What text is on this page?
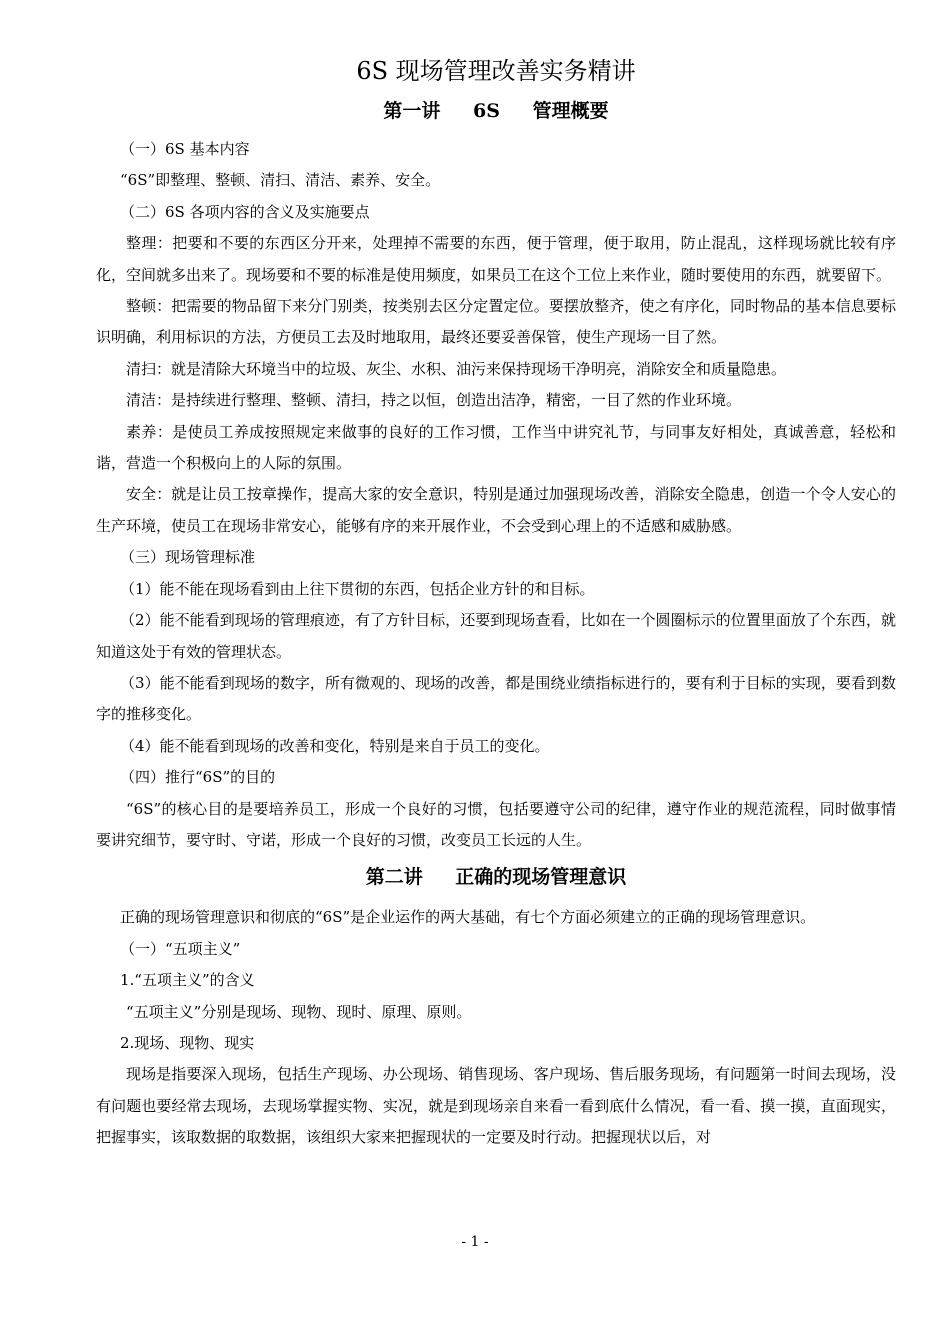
6S 现场管理改善实务精讲
第一讲 6S 管理概要

（一）6S 基本内容

“6S”即整理、整顿、清扫、清洁、素养、安全。

（二）6S 各项内容的含义及实施要点

整理：把要和不要的东西区分开来，处理掉不需要的东西，便于管理，便于取用，防止混乱，这样现场就比较有序化，空间就多出来了。现场要和不要的标准是使用频度，如果员工在这个工位上来作业，随时要使用的东西，就要留下。

整顿：把需要的物品留下来分门别类，按类别去区分定置定位。要摆放整齐，使之有序化，同时物品的基本信息要标识明确，利用标识的方法，方便员工去及时地取用，最终还要妥善保管，使生产现场一目了然。

清扫：就是清除大环境当中的垃圾、灰尘、水积、油污来保持现场干净明亮，消除安全和质量隐患。

清洁：是持续进行整理、整顿、清扫，持之以恒，创造出洁净，精密，一目了然的作业环境。

素养：是使员工养成按照规定来做事的良好的工作习惯，工作当中讲究礼节，与同事友好相处，真诚善意，轻松和谐，营造一个积极向上的人际的氛围。

安全：就是让员工按章操作，提高大家的安全意识，特别是通过加强现场改善，消除安全隐患，创造一个令人安心的生产环境，使员工在现场非常安心，能够有序的来开展作业，不会受到心理上的不适感和威胁感。

（三）现场管理标准

（1）能不能在现场看到由上往下贯彻的东西，包括企业方针的和目标。

（2）能不能看到现场的管理痕迹，有了方针目标，还要到现场查看，比如在一个圆圈标示的位置里面放了个东西，就知道这处于有效的管理状态。

（3）能不能看到现场的数字，所有微观的、现场的改善，都是围绕业绩指标进行的，要有利于目标的实现，要看到数字的推移变化。

（4）能不能看到现场的改善和变化，特别是来自于员工的变化。

（四）推行“6S”的目的

“6S”的核心目的是要培养员工，形成一个良好的习惯，包括要遵守公司的纪律，遵守作业的规范流程，同时做事情要讲究细节，要守时、守诺，形成一个良好的习惯，改变员工长远的人生。

第二讲 正确的现场管理意识

正确的现场管理意识和彻底的“6S”是企业运作的两大基础，有七个方面必须建立的正确的现场管理意识。

（一）“五项主义”

1.“五项主义”的含义

“五项主义”分别是现场、现物、现时、原理、原则。

2.现场、现物、现实

现场是指要深入现场，包括生产现场、办公现场、销售现场、客户现场、售后服务现场，有问题第一时间去现场，没有问题也要经常去现场，去现场掌握实物、实况，就是到现场亲自来看一看到底什么情况，看一看、摸一摸，直面现实，把握事实，该取数据的取数据，该组织大家来把握现状的一定要及时行动。把握现状以后，对

- 1 -
